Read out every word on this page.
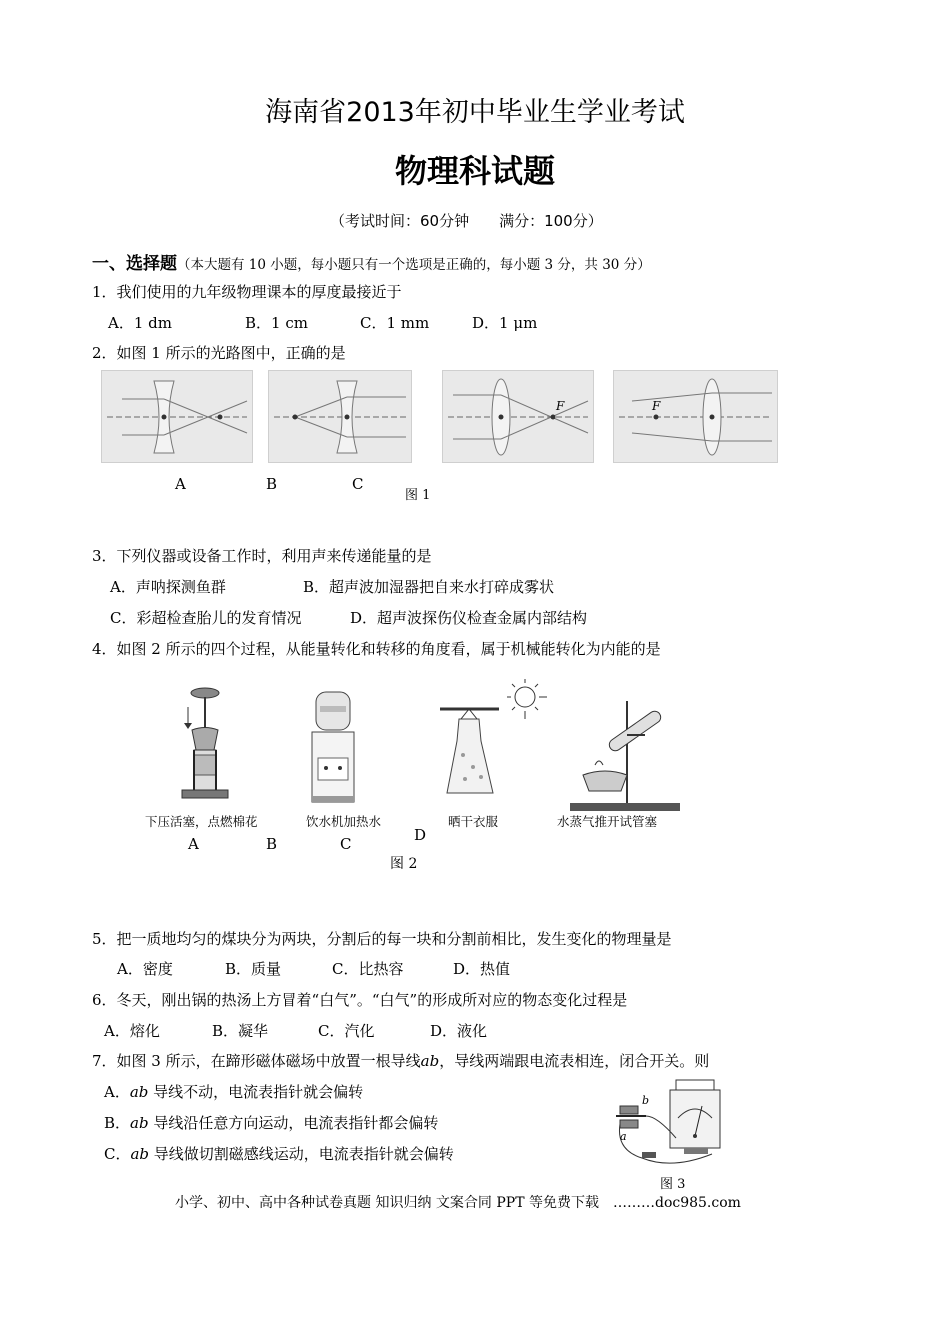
海南省2013年初中毕业生学业考试
物理科试题
（考试时间：60分钟　　满分：100分）
一、选择题（本大题有 10 小题，每小题只有一个选项是正确的，每小题 3 分，共 30 分）
1．我们使用的九年级物理课本的厚度最接近于
A．1 dm	B．1 cm	C．1 mm	D．1 μm
2．如图 1 所示的光路图中，正确的是
F	F
A	B	C
图 1
3．下列仪器或设备工作时，利用声来传递能量的是
A．声呐探测鱼群	B．超声波加湿器把自来水打碎成雾状
C．彩超检查胎儿的发育情况	D．超声波探伤仪检查金属内部结构
4．如图 2 所示的四个过程，从能量转化和转移的角度看，属于机械能转化为内能的是
下压活塞，点燃棉花	饮水机加热水	晒干衣服	水蒸气推开试管塞
A	B	C	D
图 2
5．把一质地均匀的煤块分为两块，分割后的每一块和分割前相比，发生变化的物理量是
A．密度	B．质量	C．比热容	D．热值
6．冬天，刚出锅的热汤上方冒着“白气”。“白气”的形成所对应的物态变化过程是
A．熔化	B．凝华	C．汽化	D．液化
7．如图 3 所示，在蹄形磁体磁场中放置一根导线ab，导线两端跟电流表相连，闭合开关。则
A．ab 导线不动，电流表指针就会偏转
B．ab 导线沿任意方向运动，电流表指针都会偏转
C．ab 导线做切割磁感线运动，电流表指针就会偏转
b
a
图 3
小学、初中、高中各种试卷真题 知识归纳 文案合同 PPT 等免费下载　………doc985.com
